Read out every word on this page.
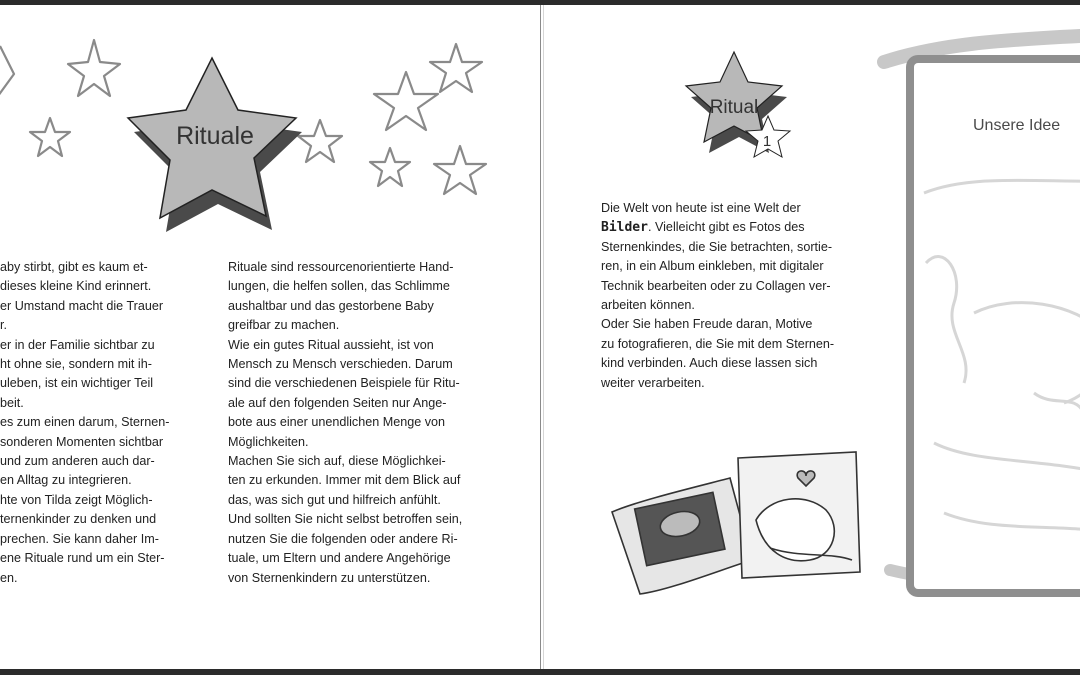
Rituale

aby stirbt, gibt es kaum et-

dieses kleine Kind erinnert.

er Umstand macht die Trauer

r.

er in der Familie sichtbar zu

ht ohne sie, sondern mit ih-

uleben, ist ein wichtiger Teil

beit.

es zum einen darum, Sternen-

sonderen Momenten sichtbar

und zum anderen auch dar-

en Alltag zu integrieren.

hte von Tilda zeigt Möglich-

ternenkinder zu denken und

prechen. Sie kann daher Im-

ene Rituale rund um ein Ster-

en.

Rituale sind ressourcenorientierte Hand-

lungen, die helfen sollen, das Schlimme

aushaltbar und das gestorbene Baby

greifbar zu machen.

Wie ein gutes Ritual aussieht, ist von

Mensch zu Mensch verschieden. Darum

sind die verschiedenen Beispiele für Ritu-

ale auf den folgenden Seiten nur Ange-

bote aus einer unendlichen Menge von

Möglichkeiten.

Machen Sie sich auf, diese Möglichkei-

ten zu erkunden. Immer mit dem Blick auf

das, was sich gut und hilfreich anfühlt.

Und sollten Sie nicht selbst betroffen sein,

nutzen Sie die folgenden oder andere Ri-

tuale, um Eltern und andere Angehörige

von Sternenkindern zu unterstützen.

Ritual
1

Die Welt von heute ist eine Welt der

Bilder. Vielleicht gibt es Fotos des

Sternenkindes, die Sie betrachten, sortie-

ren, in ein Album einkleben, mit digitaler

Technik bearbeiten oder zu Collagen ver-

arbeiten können.

Oder Sie haben Freude daran, Motive

zu fotografieren, die Sie mit dem Sternen-

kind verbinden. Auch diese lassen sich

weiter verarbeiten.

Unsere Idee
